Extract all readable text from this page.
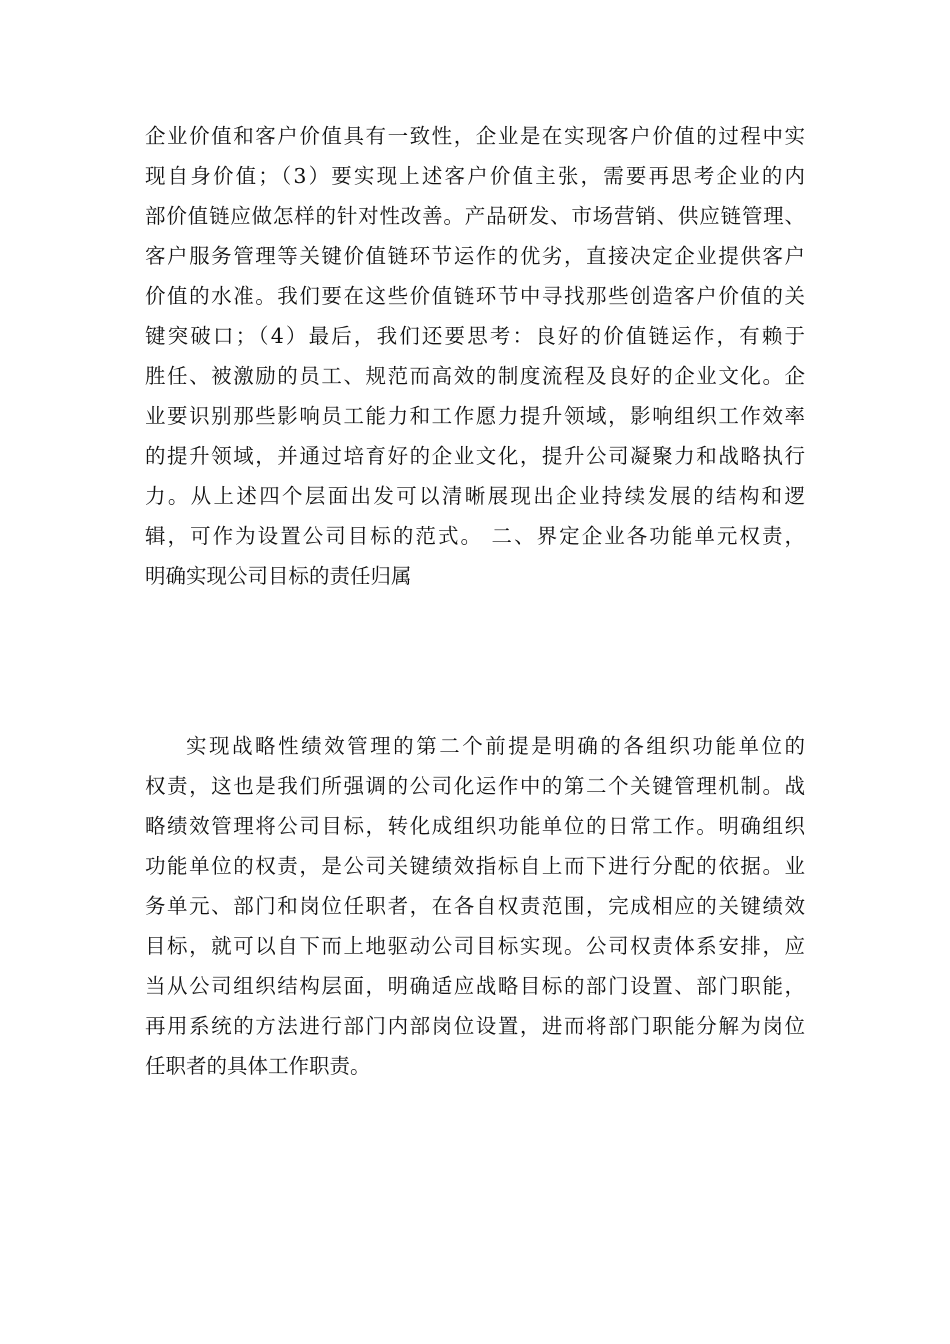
企业价值和客户价值具有一致性，企业是在实现客户价值的过程中实
现自身价值；（3）要实现上述客户价值主张，需要再思考企业的内
部价值链应做怎样的针对性改善。产品研发、市场营销、供应链管理、
客户服务管理等关键价值链环节运作的优劣，直接决定企业提供客户
价值的水准。我们要在这些价值链环节中寻找那些创造客户价值的关
键突破口；（4）最后，我们还要思考：良好的价值链运作，有赖于
胜任、被激励的员工、规范而高效的制度流程及良好的企业文化。企
业要识别那些影响员工能力和工作愿力提升领域，影响组织工作效率
的提升领域，并通过培育好的企业文化，提升公司凝聚力和战略执行
力。从上述四个层面出发可以清晰展现出企业持续发展的结构和逻
辑，可作为设置公司目标的范式。 二、界定企业各功能单元权责，
明确实现公司目标的责任归属
实现战略性绩效管理的第二个前提是明确的各组织功能单位的
权责，这也是我们所强调的公司化运作中的第二个关键管理机制。战
略绩效管理将公司目标，转化成组织功能单位的日常工作。明确组织
功能单位的权责，是公司关键绩效指标自上而下进行分配的依据。业
务单元、部门和岗位任职者，在各自权责范围，完成相应的关键绩效
目标，就可以自下而上地驱动公司目标实现。公司权责体系安排，应
当从公司组织结构层面，明确适应战略目标的部门设置、部门职能，
再用系统的方法进行部门内部岗位设置，进而将部门职能分解为岗位
任职者的具体工作职责。
